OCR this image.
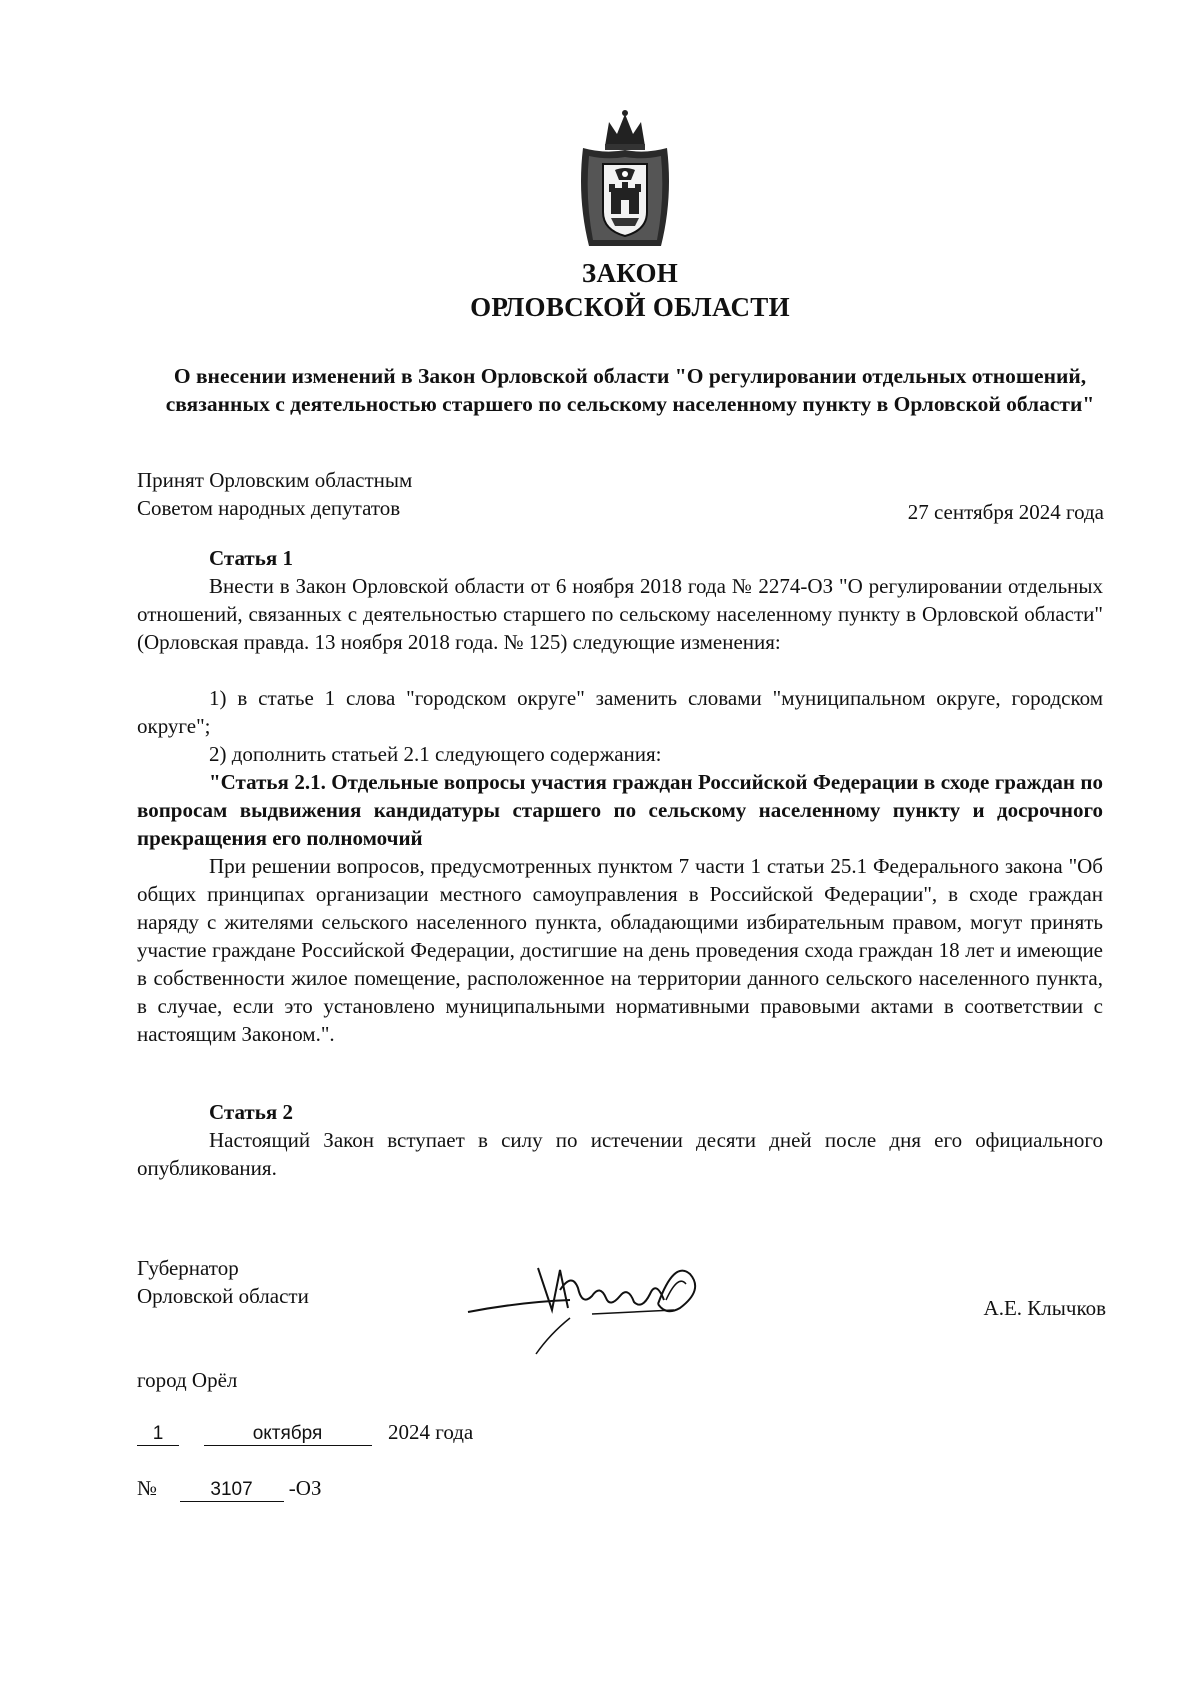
ЗАКОН
ОРЛОВСКОЙ ОБЛАСТИ
О внесении изменений в Закон Орловской области "О регулировании отдельных отношений, связанных с деятельностью старшего по сельскому населенному пункту в Орловской области"
Принят Орловским областным
Советом народных депутатов	27 сентября 2024 года
Статья 1
Внести в Закон Орловской области от 6 ноября 2018 года № 2274-ОЗ "О регулировании отдельных отношений, связанных с деятельностью старшего по сельскому населенному пункту в Орловской области" (Орловская правда. 13 ноября 2018 года. № 125) следующие изменения:
1) в статье 1 слова "городском округе" заменить словами "муниципальном округе, городском округе";
2) дополнить статьей 2.1 следующего содержания:
"Статья 2.1. Отдельные вопросы участия граждан Российской Федерации в сходе граждан по вопросам выдвижения кандидатуры старшего по сельскому населенному пункту и досрочного прекращения его полномочий
При решении вопросов, предусмотренных пунктом 7 части 1 статьи 25.1 Федерального закона "Об общих принципах организации местного самоуправления в Российской Федерации", в сходе граждан наряду с жителями сельского населенного пункта, обладающими избирательным правом, могут принять участие граждане Российской Федерации, достигшие на день проведения схода граждан 18 лет и имеющие в собственности жилое помещение, расположенное на территории данного сельского населенного пункта, в случае, если это установлено муниципальными нормативными правовыми актами в соответствии с настоящим Законом.".
Статья 2
Настоящий Закон вступает в силу по истечении десяти дней после дня его официального опубликования.
Губернатор
Орловской области	А.Е. Клычков
город Орёл
1	октября	2024 года
№	3107 -ОЗ
